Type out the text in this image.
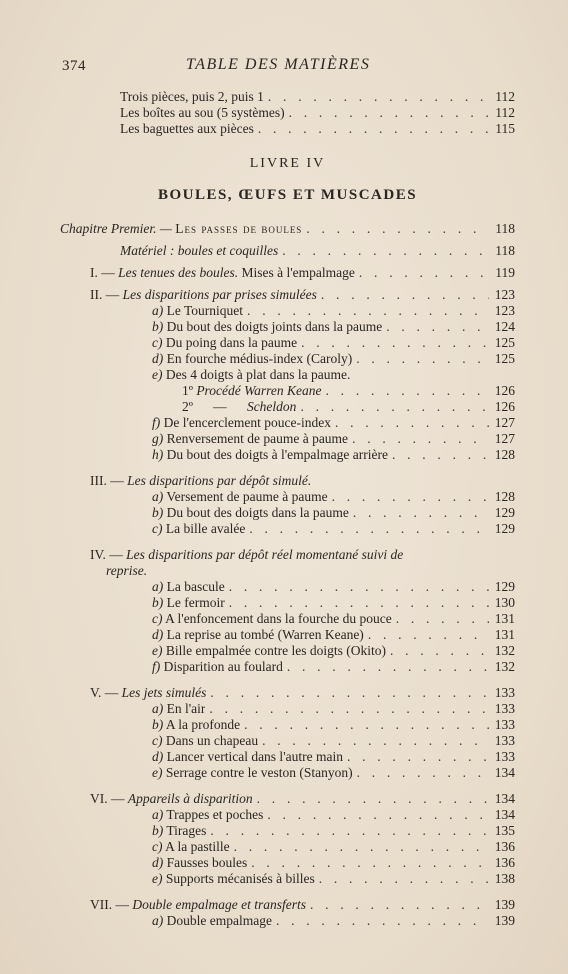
374	TABLE DES MATIÈRES
Trois pièces, puis 2, puis 1 . . .	112
Les boîtes au sou (5 systèmes) . . .	112
Les baguettes aux pièces . . .	115
LIVRE IV
BOULES, ŒUFS ET MUSCADES
Chapitre Premier. — Les passes de boules . . .	118
Matériel : boules et coquilles . . .	118
I. — Les tenues des boules. Mises à l'empalmage . . .	119
II. — Les disparitions par prises simulées . . .	123
a) Le Tourniquet . . .	123
b) Du bout des doigts joints dans la paume . . .	124
c) Du poing dans la paume . . .	125
d) En fourche médius-index (Caroly) . . .	125
e) Des 4 doigts à plat dans la paume.
1º Procédé Warren Keane . . .	126
2º      —      Scheldon . . .	126
f) De l'encerclement pouce-index . . .	127
g) Renversement de paume à paume . . .	127
h) Du bout des doigts à l'empalmage arrière . . .	128
III. — Les disparitions par dépôt simulé.
a) Versement de paume à paume . . .	128
b) Du bout des doigts dans la paume . . .	129
c) La bille avalée . . .	129
IV. — Les disparitions par dépôt réel momentané suivi de
reprise.
a) La bascule . . .	129
b) Le fermoir . . .	130
c) A l'enfoncement dans la fourche du pouce . . .	131
d) La reprise au tombé (Warren Keane) . . .	131
e) Bille empalmée contre les doigts (Okito) . . .	132
f) Disparition au foulard . . .	132
V. — Les jets simulés . . .	133
a) En l'air . . .	133
b) A la profonde . . .	133
c) Dans un chapeau . . .	133
d) Lancer vertical dans l'autre main . . .	133
e) Serrage contre le veston (Stanyon) . . .	134
VI. — Appareils à disparition . . .	134
a) Trappes et poches . . .	134
b) Tirages . . .	135
c) A la pastille . . .	136
d) Fausses boules . . .	136
e) Supports mécanisés à billes . . .	138
VII. — Double empalmage et transferts . . .	139
a) Double empalmage . . .	139
